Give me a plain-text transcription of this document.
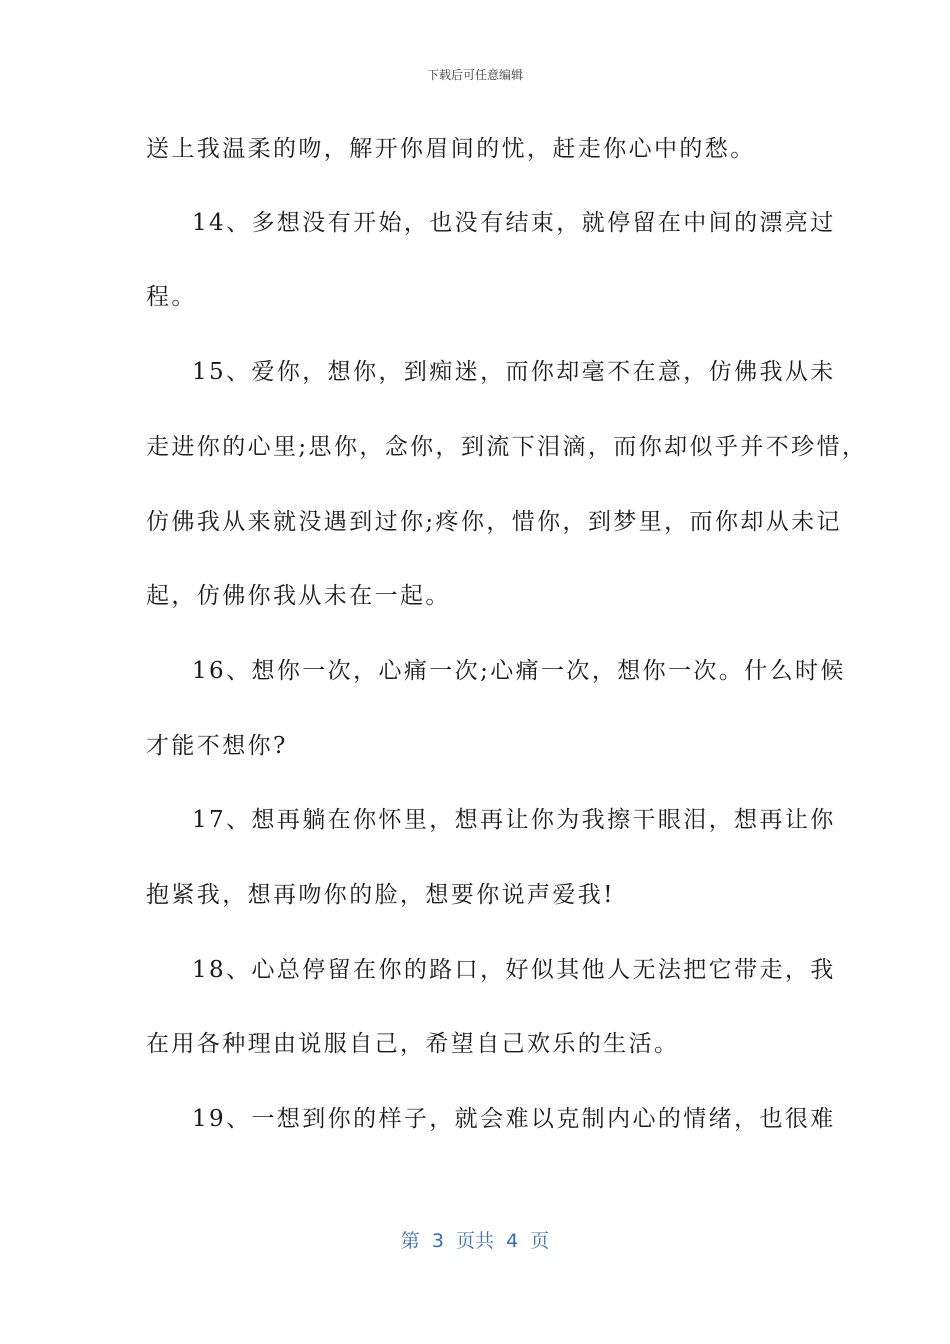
下载后可任意编辑
送上我温柔的吻，解开你眉间的忧，赶走你心中的愁。
14、多想没有开始，也没有结束，就停留在中间的漂亮过
程。
15、爱你，想你，到痴迷，而你却毫不在意，仿佛我从未
走进你的心里;思你，念你，到流下泪滴，而你却似乎并不珍惜，
仿佛我从来就没遇到过你;疼你，惜你，到梦里，而你却从未记
起，仿佛你我从未在一起。
16、想你一次，心痛一次;心痛一次，想你一次。什么时候
才能不想你?
17、想再躺在你怀里，想再让你为我擦干眼泪，想再让你
抱紧我，想再吻你的脸，想要你说声爱我!
18、心总停留在你的路口，好似其他人无法把它带走，我
在用各种理由说服自己，希望自己欢乐的生活。
19、一想到你的样子，就会难以克制内心的情绪，也很难
第  3  页共  4  页
